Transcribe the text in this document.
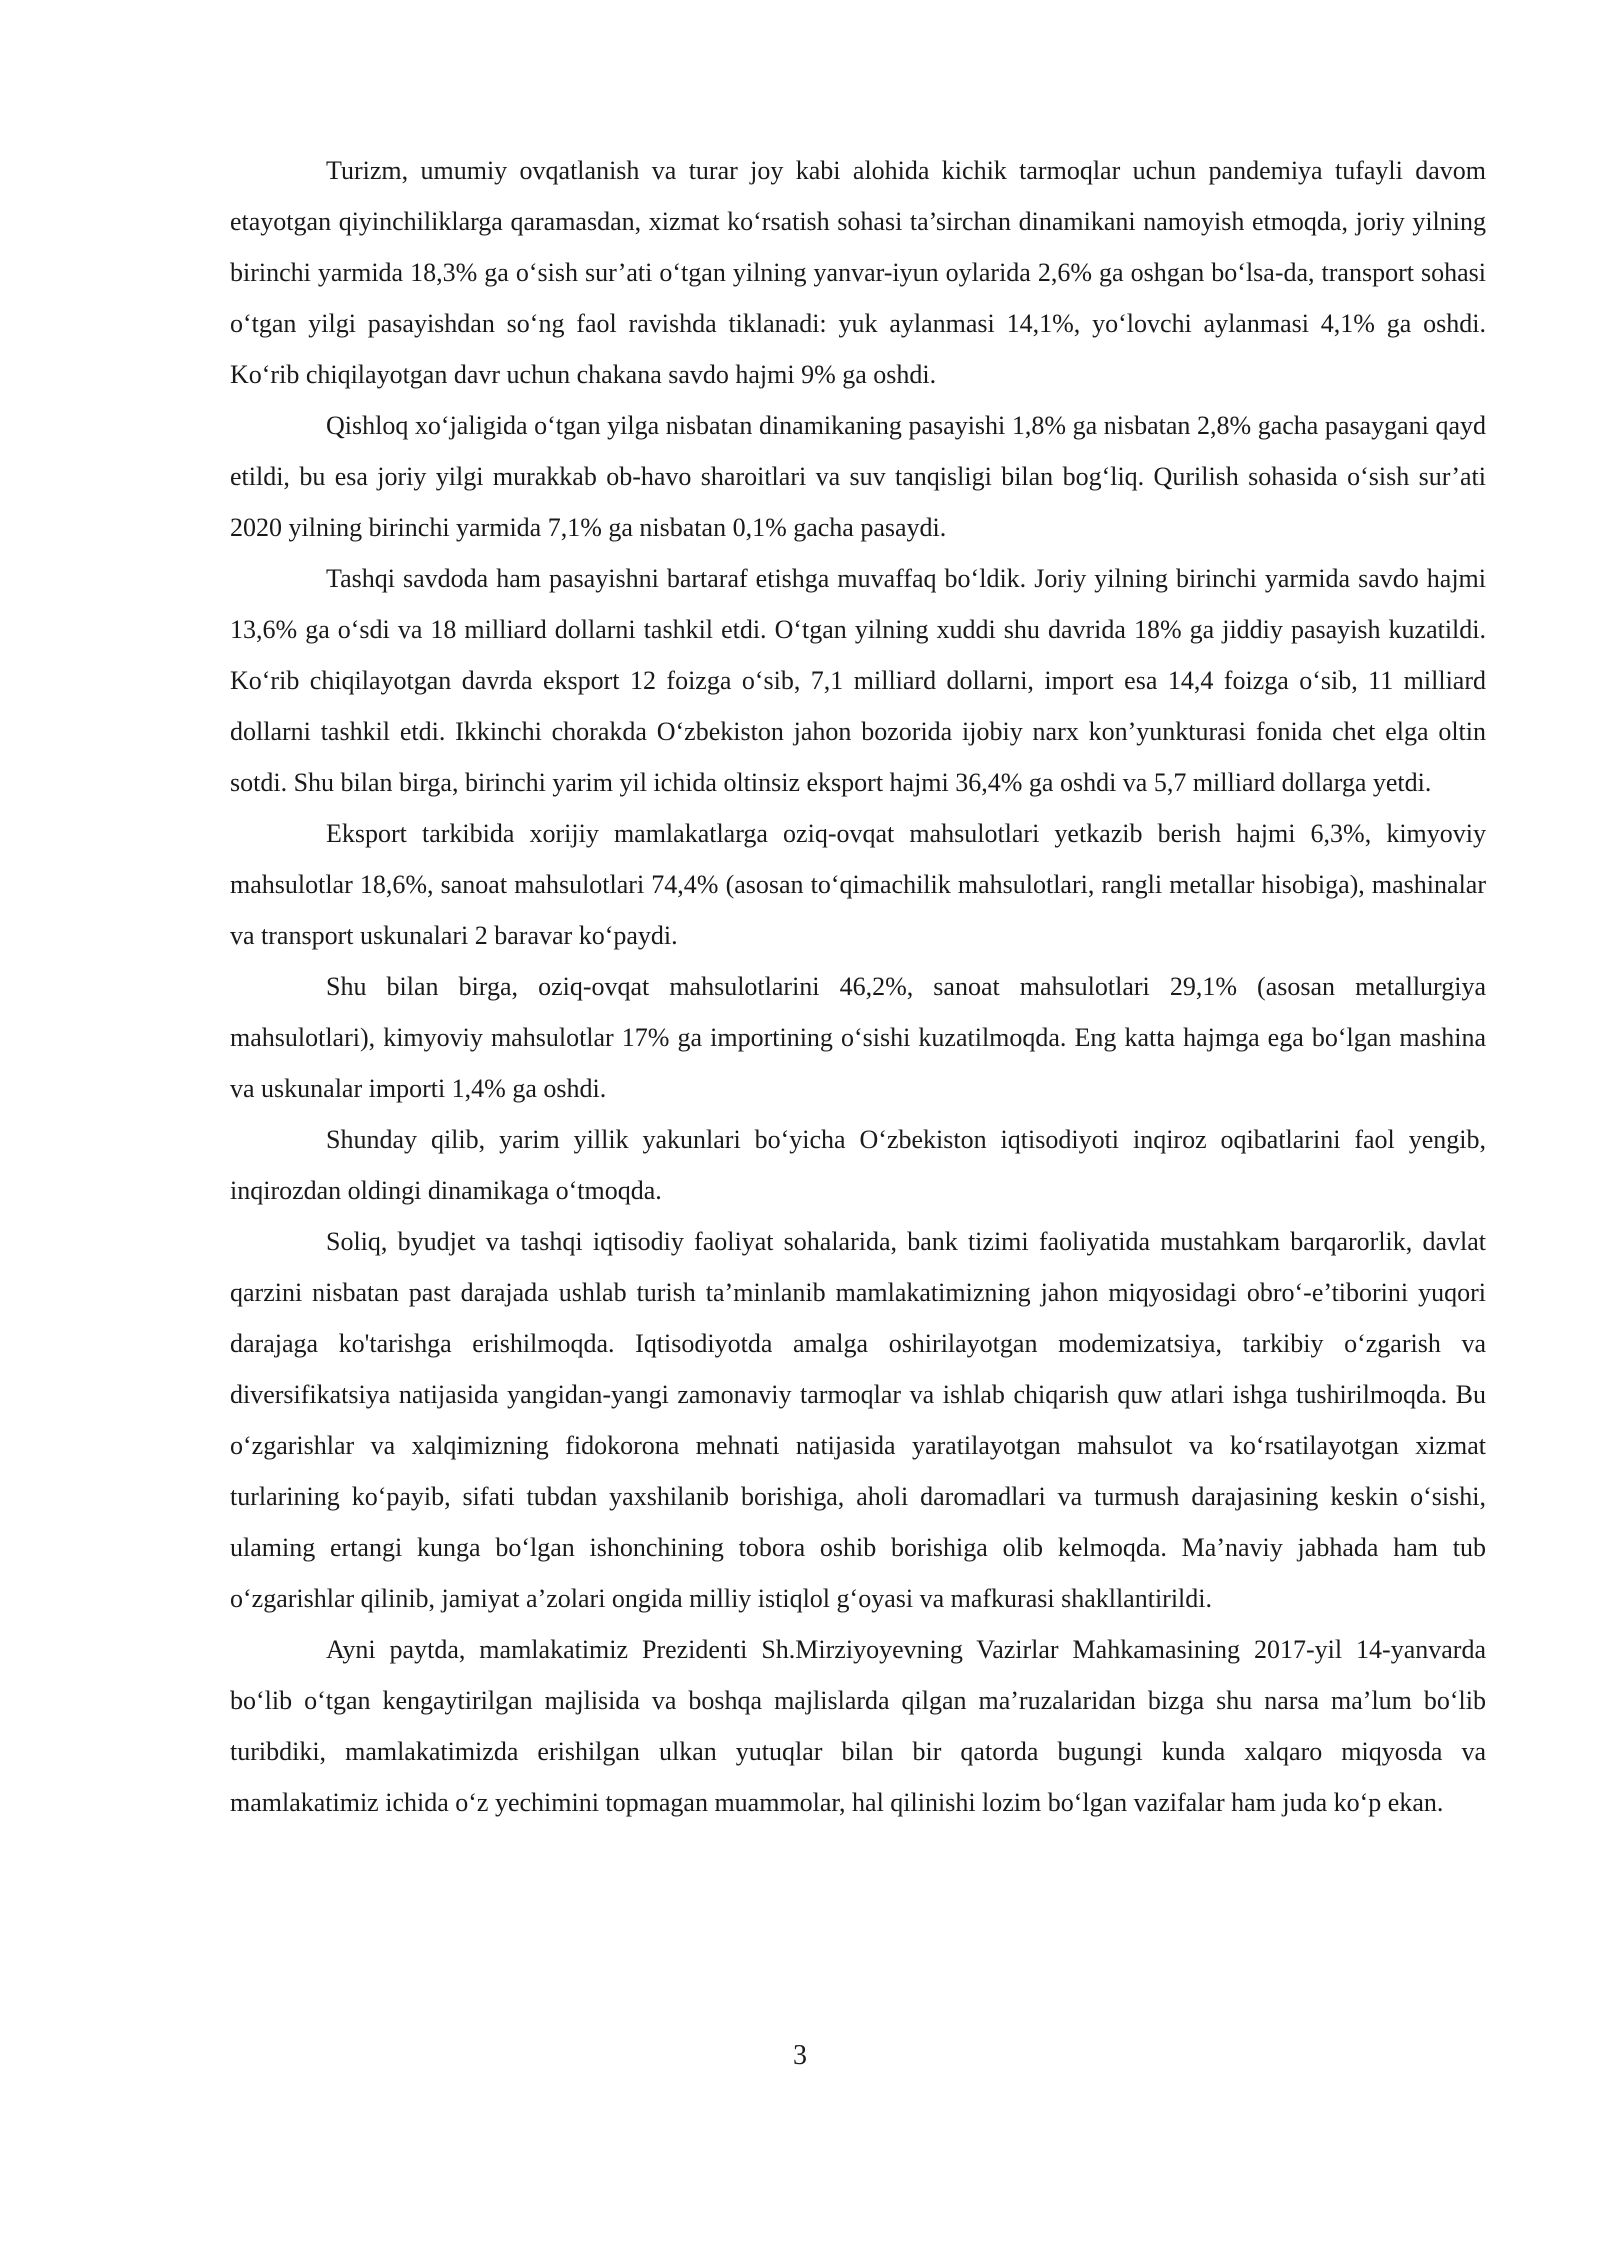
Turizm, umumiy ovqatlanish va turar joy kabi alohida kichik tarmoqlar uchun pandemiya tufayli davom etayotgan qiyinchiliklarga qaramasdan, xizmat ko‘rsatish sohasi ta’sirchan dinamikani namoyish etmoqda, joriy yilning birinchi yarmida 18,3% ga o‘sish sur’ati o‘tgan yilning yanvar-iyun oylarida 2,6% ga oshgan bo‘lsa-da, transport sohasi o‘tgan yilgi pasayishdan so‘ng faol ravishda tiklanadi: yuk aylanmasi 14,1%, yo‘lovchi aylanmasi 4,1% ga oshdi. Ko‘rib chiqilayotgan davr uchun chakana savdo hajmi 9% ga oshdi.

Qishloq xo‘jaligida o‘tgan yilga nisbatan dinamikaning pasayishi 1,8% ga nisbatan 2,8% gacha pasaygani qayd etildi, bu esa joriy yilgi murakkab ob-havo sharoitlari va suv tanqisligi bilan bog‘liq. Qurilish sohasida o‘sish sur’ati 2020 yilning birinchi yarmida 7,1% ga nisbatan 0,1% gacha pasaydi.

Tashqi savdoda ham pasayishni bartaraf etishga muvaffaq bo‘ldik. Joriy yilning birinchi yarmida savdo hajmi 13,6% ga o‘sdi va 18 milliard dollarni tashkil etdi. O‘tgan yilning xuddi shu davrida 18% ga jiddiy pasayish kuzatildi. Ko‘rib chiqilayotgan davrda eksport 12 foizga o‘sib, 7,1 milliard dollarni, import esa 14,4 foizga o‘sib, 11 milliard dollarni tashkil etdi. Ikkinchi chorakda O‘zbekiston jahon bozorida ijobiy narx kon’yunkturasi fonida chet elga oltin sotdi. Shu bilan birga, birinchi yarim yil ichida oltinsiz eksport hajmi 36,4% ga oshdi va 5,7 milliard dollarga yetdi.

Eksport tarkibida xorijiy mamlakatlarga oziq-ovqat mahsulotlari yetkazib berish hajmi 6,3%, kimyoviy mahsulotlar 18,6%, sanoat mahsulotlari 74,4% (asosan to‘qimachilik mahsulotlari, rangli metallar hisobiga), mashinalar va transport uskunalari 2 baravar ko‘paydi.

Shu bilan birga, oziq-ovqat mahsulotlarini 46,2%, sanoat mahsulotlari 29,1% (asosan metallurgiya mahsulotlari), kimyoviy mahsulotlar 17% ga importining o‘sishi kuzatilmoqda. Eng katta hajmga ega bo‘lgan mashina va uskunalar importi 1,4% ga oshdi.

Shunday qilib, yarim yillik yakunlari bo‘yicha O‘zbekiston iqtisodiyoti inqiroz oqibatlarini faol yengib, inqirozdan oldingi dinamikaga o‘tmoqda.

Soliq, byudjet va tashqi iqtisodiy faoliyat sohalarida, bank tizimi faoliyatida mustahkam barqarorlik, davlat qarzini nisbatan past darajada ushlab turish ta’minlanib mamlakatimizning jahon miqyosidagi obro‘-e’tiborini yuqori darajaga ko'tarishga erishilmoqda. Iqtisodiyotda amalga oshirilayotgan modemizatsiya, tarkibiy o‘zgarish va diversifikatsiya natijasida yangidan-yangi zamonaviy tarmoqlar va ishlab chiqarish quw atlari ishga tushirilmoqda. Bu o‘zgarishlar va xalqimizning fidokorona mehnati natijasida yaratilayotgan mahsulot va ko‘rsatilayotgan xizmat turlarining ko‘payib, sifati tubdan yaxshilanib borishiga, aholi daromadlari va turmush darajasining keskin o‘sishi, ulaming ertangi kunga bo‘lgan ishonchining tobora oshib borishiga olib kelmoqda. Ma’naviy jabhada ham tub o‘zgarishlar qilinib, jamiyat a’zolari ongida milliy istiqlol g‘oyasi va mafkurasi shakllantirildi.

Ayni paytda, mamlakatimiz Prezidenti Sh.Mirziyoyevning Vazirlar Mahkamasining 2017-yil 14-yanvarda bo‘lib o‘tgan kengaytirilgan majlisida va boshqa majlislarda qilgan ma’ruzalaridan bizga shu narsa ma’lum bo‘lib turibdiki, mamlakatimizda erishilgan ulkan yutuqlar bilan bir qatorda bugungi kunda xalqaro miqyosda va mamlakatimiz ichida o‘z yechimini topmagan muammolar, hal qilinishi lozim bo‘lgan vazifalar ham juda ko‘p ekan.

3
